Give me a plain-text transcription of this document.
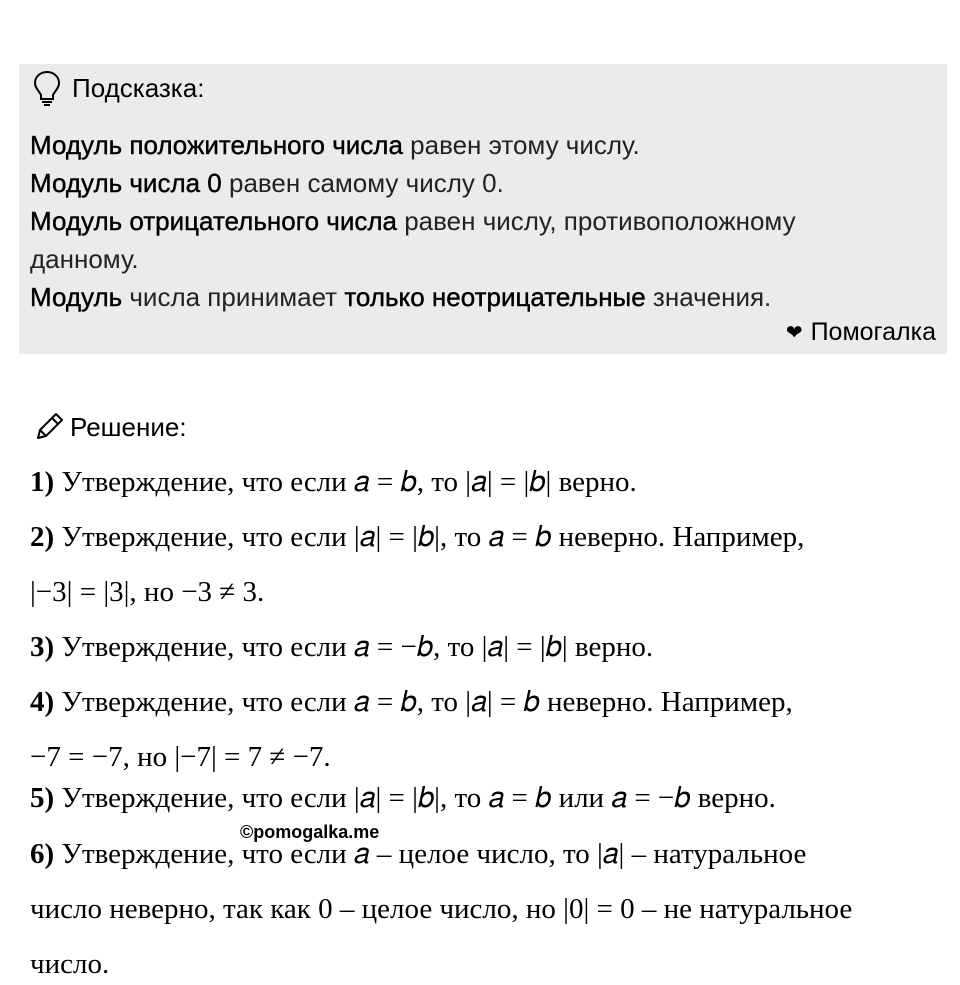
Подсказка:
Модуль положительного числа равен этому числу.
Модуль числа 0 равен самому числу 0.
Модуль отрицательного числа равен числу, противоположному данному.
Модуль числа принимает только неотрицательные значения.
❤ Помогалка
Решение:
1) Утверждение, что если 𝑎 = 𝑏, то |𝑎| = |𝑏| верно.
2) Утверждение, что если |𝑎| = |𝑏|, то 𝑎 = 𝑏 неверно. Например,
|−3| = |3|, но −3 ≠ 3.
3) Утверждение, что если 𝑎 = −𝑏, то |𝑎| = |𝑏| верно.
4) Утверждение, что если 𝑎 = 𝑏, то |𝑎| = 𝑏 неверно. Например,
−7 = −7, но |−7| = 7 ≠ −7.
5) Утверждение, что если |𝑎| = |𝑏|, то 𝑎 = 𝑏 или 𝑎 = −𝑏 верно.
©pomogalka.me
6) Утверждение, что если 𝑎 – целое число, то |𝑎| – натуральное
число неверно, так как 0 – целое число, но |0| = 0 – не натуральное
число.
